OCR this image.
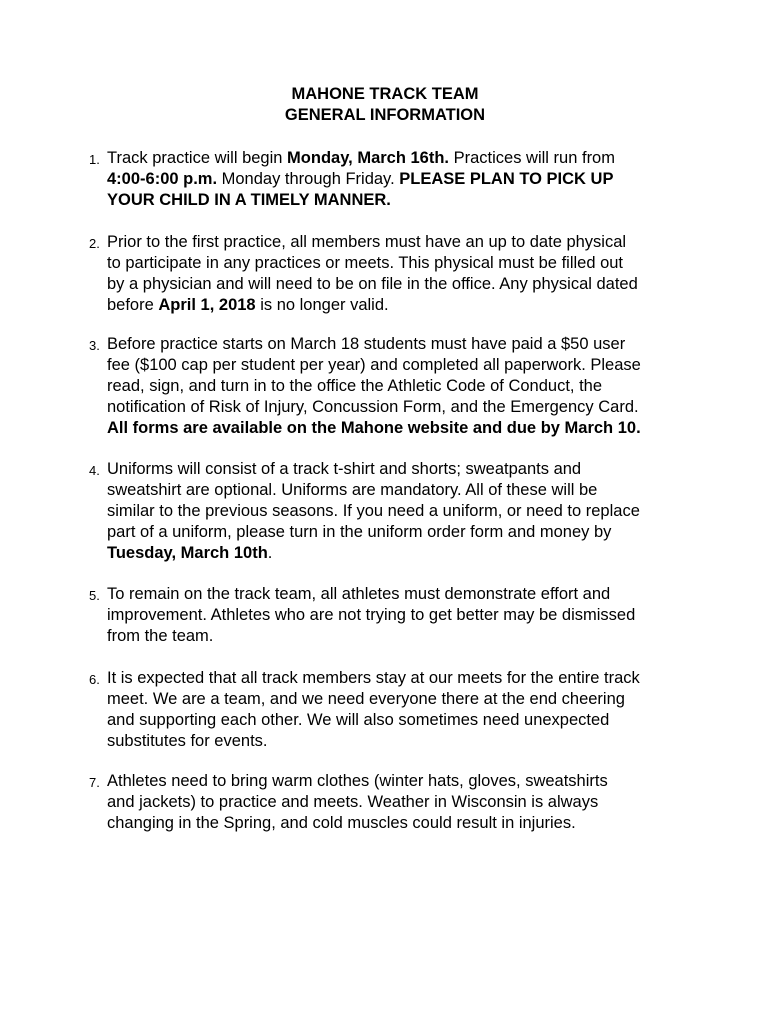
MAHONE TRACK TEAM
GENERAL INFORMATION
1. Track practice will begin Monday, March 16th. Practices will run from
4:00-6:00 p.m. Monday through Friday. PLEASE PLAN TO PICK UP
YOUR CHILD IN A TIMELY MANNER.
2. Prior to the first practice, all members must have an up to date physical
to participate in any practices or meets. This physical must be filled out
by a physician and will need to be on file in the office. Any physical dated
before April 1, 2018 is no longer valid.
3. Before practice starts on March 18 students must have paid a $50 user
fee ($100 cap per student per year) and completed all paperwork. Please
read, sign, and turn in to the office the Athletic Code of Conduct, the
notification of Risk of Injury, Concussion Form, and the Emergency Card.
All forms are available on the Mahone website and due by March 10.
4. Uniforms will consist of a track t-shirt and shorts; sweatpants and
sweatshirt are optional. Uniforms are mandatory. All of these will be
similar to the previous seasons. If you need a uniform, or need to replace
part of a uniform, please turn in the uniform order form and money by
Tuesday, March 10th.
5. To remain on the track team, all athletes must demonstrate effort and
improvement. Athletes who are not trying to get better may be dismissed
from the team.
6. It is expected that all track members stay at our meets for the entire track
meet. We are a team, and we need everyone there at the end cheering
and supporting each other. We will also sometimes need unexpected
substitutes for events.
7. Athletes need to bring warm clothes (winter hats, gloves, sweatshirts
and jackets) to practice and meets. Weather in Wisconsin is always
changing in the Spring, and cold muscles could result in injuries.
